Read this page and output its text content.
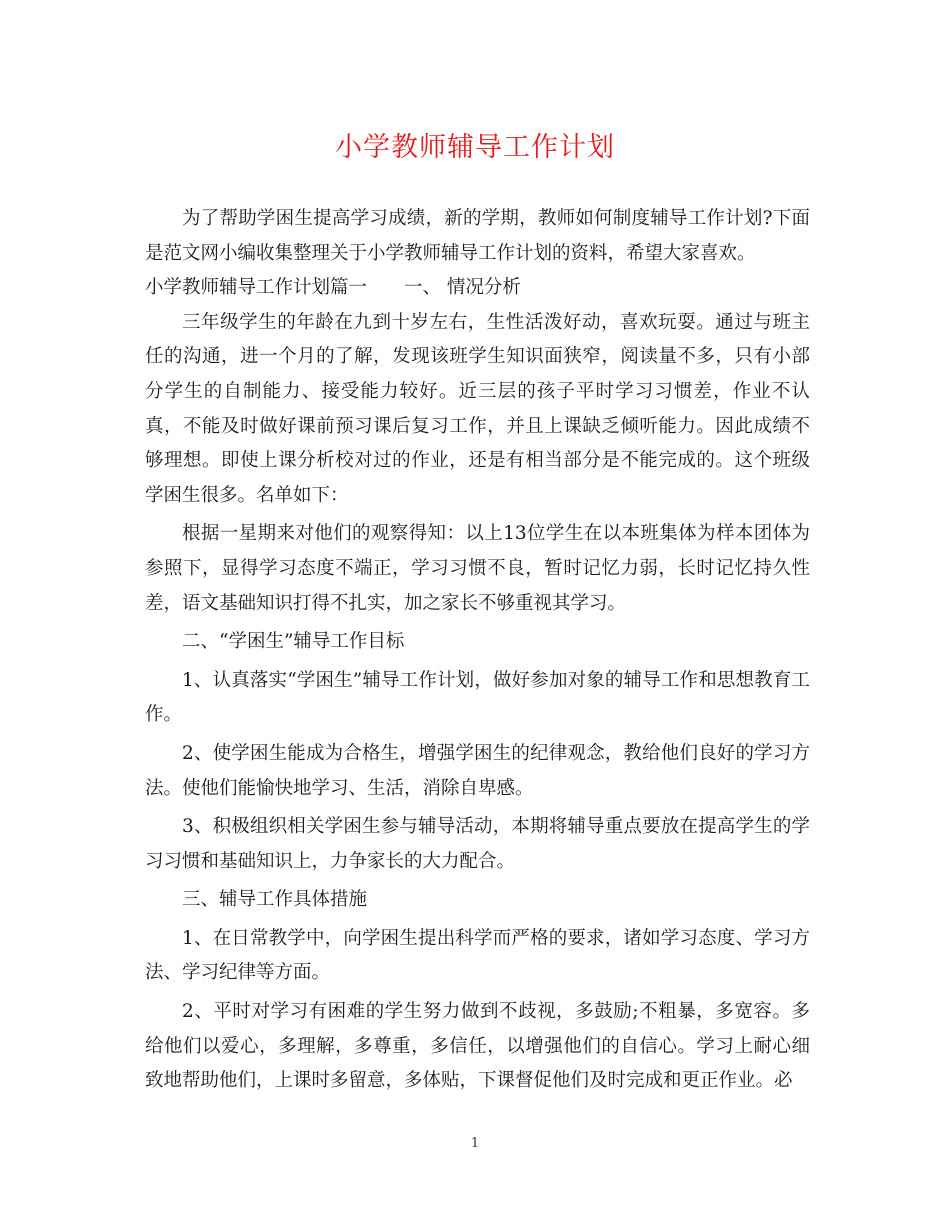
小学教师辅导工作计划

为了帮助学困生提高学习成绩，新的学期，教师如何制度辅导工作计划?下面是范文网小编收集整理关于小学教师辅导工作计划的资料，希望大家喜欢。

小学教师辅导工作计划篇一　　一、 情况分析

三年级学生的年龄在九到十岁左右，生性活泼好动，喜欢玩耍。通过与班主任的沟通，进一个月的了解，发现该班学生知识面狭窄，阅读量不多，只有小部分学生的自制能力、接受能力较好。近三层的孩子平时学习习惯差，作业不认真，不能及时做好课前预习课后复习工作，并且上课缺乏倾听能力。因此成绩不够理想。即使上课分析校对过的作业，还是有相当部分是不能完成的。这个班级学困生很多。名单如下：

根据一星期来对他们的观察得知：以上13位学生在以本班集体为样本团体为参照下，显得学习态度不端正，学习习惯不良，暂时记忆力弱，长时记忆持久性差，语文基础知识打得不扎实，加之家长不够重视其学习。

二、“学困生”辅导工作目标

1、认真落实“学困生”辅导工作计划，做好参加对象的辅导工作和思想教育工作。

2、使学困生能成为合格生，增强学困生的纪律观念，教给他们良好的学习方法。使他们能愉快地学习、生活，消除自卑感。

3、积极组织相关学困生参与辅导活动，本期将辅导重点要放在提高学生的学习习惯和基础知识上，力争家长的大力配合。

三、辅导工作具体措施

1、在日常教学中，向学困生提出科学而严格的要求，诸如学习态度、学习方法、学习纪律等方面。

2、平时对学习有困难的学生努力做到不歧视，多鼓励;不粗暴，多宽容。多给他们以爱心，多理解，多尊重，多信任，以增强他们的自信心。学习上耐心细致地帮助他们，上课时多留意，多体贴，下课督促他们及时完成和更正作业。必

1
